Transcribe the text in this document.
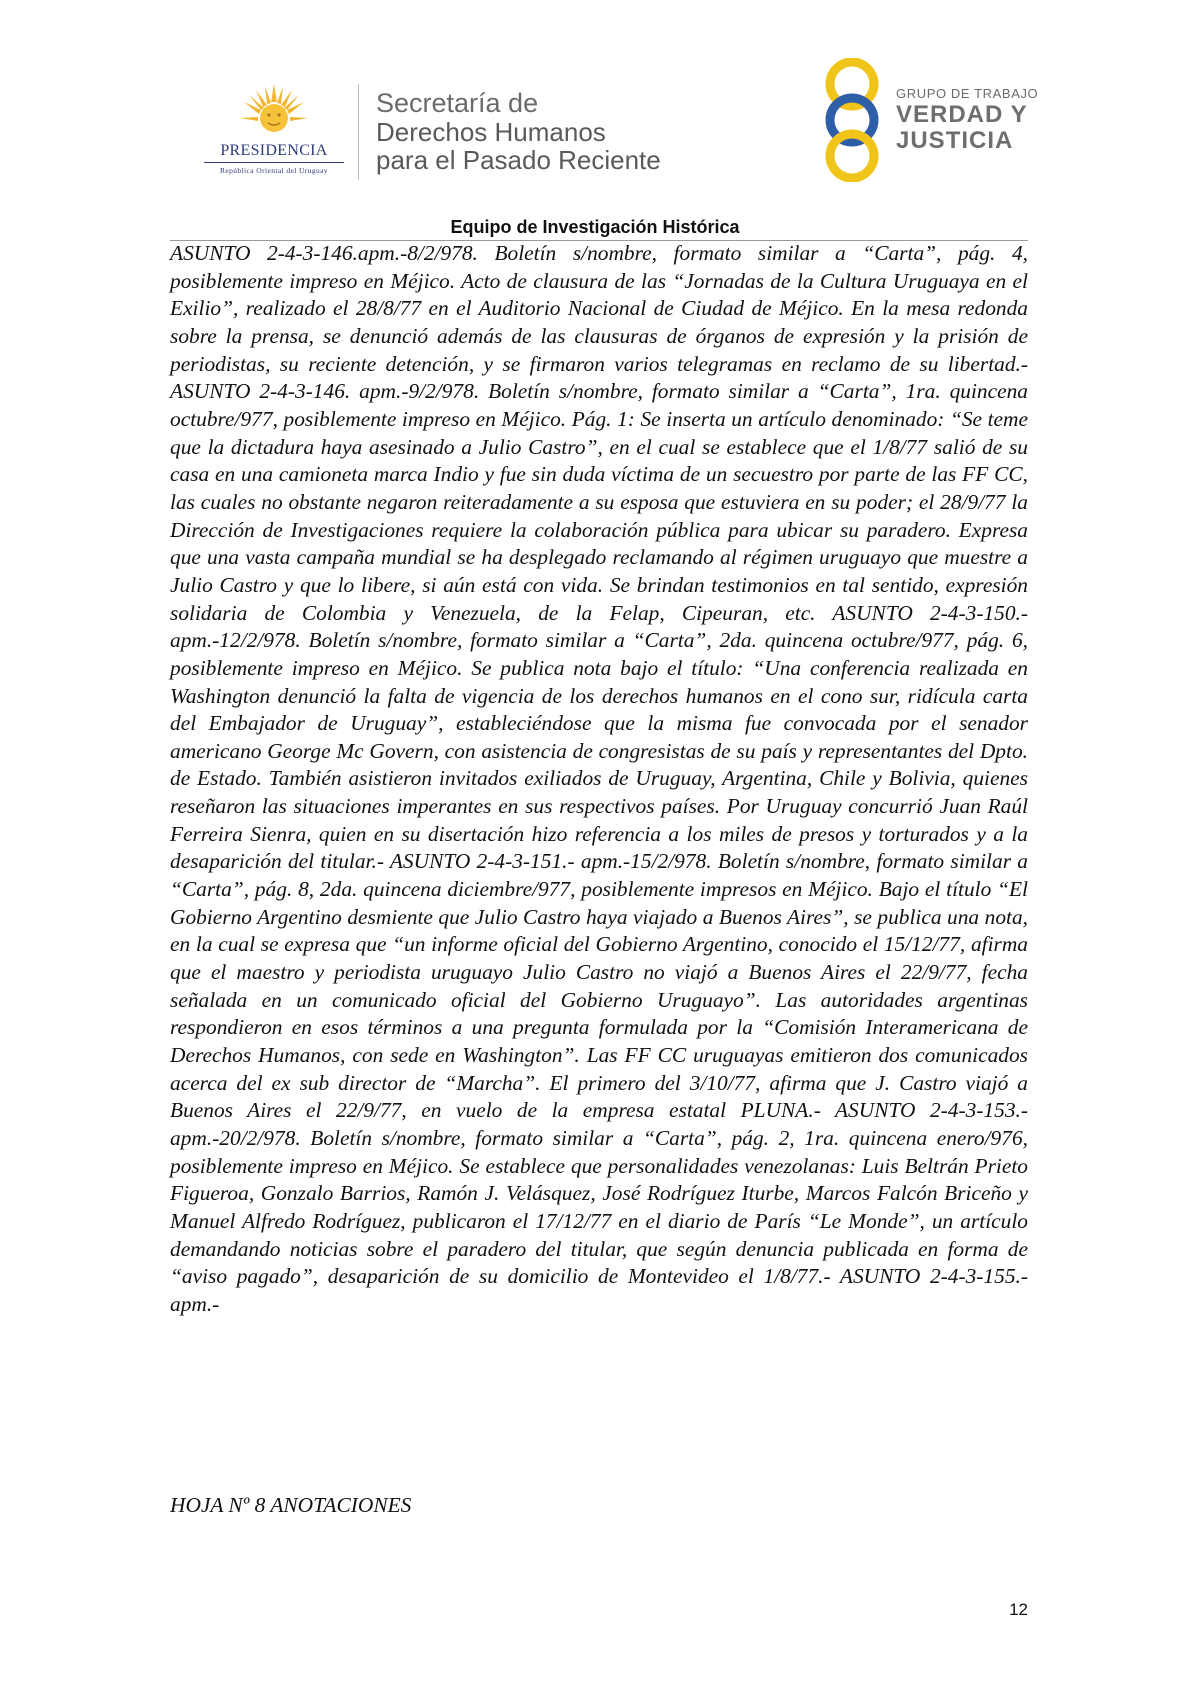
PRESIDENCIA
República Oriental del Uruguay
Secretaría de
Derechos Humanos
para el Pasado Reciente
GRUPO DE TRABAJO
VERDAD Y
JUSTICIA
Equipo de Investigación Histórica
ASUNTO 2-4-3-146.apm.-8/2/978. Boletín s/nombre, formato similar a “Carta”, pág. 4, posiblemente impreso en Méjico. Acto de clausura de las “Jornadas de la Cultura Uruguaya en el Exilio”, realizado el 28/8/77 en el Auditorio Nacional de Ciudad de Méjico. En la mesa redonda sobre la prensa, se denunció además de las clausuras de órganos de expresión y la prisión de periodistas, su reciente detención, y se firmaron varios telegramas en reclamo de su libertad.- ASUNTO 2-4-3-146. apm.-9/2/978. Boletín s/nombre, formato similar a “Carta”, 1ra. quincena octubre/977, posiblemente impreso en Méjico. Pág. 1: Se inserta un artículo denominado: “Se teme que la dictadura haya asesinado a Julio Castro”, en el cual se establece que el 1/8/77 salió de su casa en una camioneta marca Indio y fue sin duda víctima de un secuestro por parte de las FF CC, las cuales no obstante negaron reiteradamente a su esposa que estuviera en su poder; el 28/9/77 la Dirección de Investigaciones requiere la colaboración pública para ubicar su paradero. Expresa que una vasta campaña mundial se ha desplegado reclamando al régimen uruguayo que muestre a Julio Castro y que lo libere, si aún está con vida. Se brindan testimonios en tal sentido, expresión solidaria de Colombia y Venezuela, de la Felap, Cipeuran, etc. ASUNTO 2-4-3-150.- apm.-12/2/978. Boletín s/nombre, formato similar a “Carta”, 2da. quincena octubre/977, pág. 6, posiblemente impreso en Méjico. Se publica nota bajo el título: “Una conferencia realizada en Washington denunció la falta de vigencia de los derechos humanos en el cono sur, ridícula carta del Embajador de Uruguay”, estableciéndose que la misma fue convocada por el senador americano George Mc Govern, con asistencia de congresistas de su país y representantes del Dpto. de Estado. También asistieron invitados exiliados de Uruguay, Argentina, Chile y Bolivia, quienes reseñaron las situaciones imperantes en sus respectivos países. Por Uruguay concurrió Juan Raúl Ferreira Sienra, quien en su disertación hizo referencia a los miles de presos y torturados y a la desaparición del titular.- ASUNTO 2-4-3-151.- apm.-15/2/978. Boletín s/nombre, formato similar a “Carta”, pág. 8, 2da. quincena diciembre/977, posiblemente impresos en Méjico. Bajo el título “El Gobierno Argentino desmiente que Julio Castro haya viajado a Buenos Aires”, se publica una nota, en la cual se expresa que “un informe oficial del Gobierno Argentino, conocido el 15/12/77, afirma que el maestro y periodista uruguayo Julio Castro no viajó a Buenos Aires el 22/9/77, fecha señalada en un comunicado oficial del Gobierno Uruguayo”. Las autoridades argentinas respondieron en esos términos a una pregunta formulada por la “Comisión Interamericana de Derechos Humanos, con sede en Washington”. Las FF CC uruguayas emitieron dos comunicados acerca del ex sub director de “Marcha”. El primero del 3/10/77, afirma que J. Castro viajó a Buenos Aires el 22/9/77, en vuelo de la empresa estatal PLUNA.- ASUNTO 2-4-3-153.- apm.-20/2/978. Boletín s/nombre, formato similar a “Carta”, pág. 2, 1ra. quincena enero/976, posiblemente impreso en Méjico. Se establece que personalidades venezolanas: Luis Beltrán Prieto Figueroa, Gonzalo Barrios, Ramón J. Velásquez, José Rodríguez Iturbe, Marcos Falcón Briceño y Manuel Alfredo Rodríguez, publicaron el 17/12/77 en el diario de París “Le Monde”, un artículo demandando noticias sobre el paradero del titular, que según denuncia publicada en forma de “aviso pagado”, desaparición de su domicilio de Montevideo el 1/8/77.- ASUNTO 2-4-3-155.- apm.-
HOJA Nº 8 ANOTACIONES
12
